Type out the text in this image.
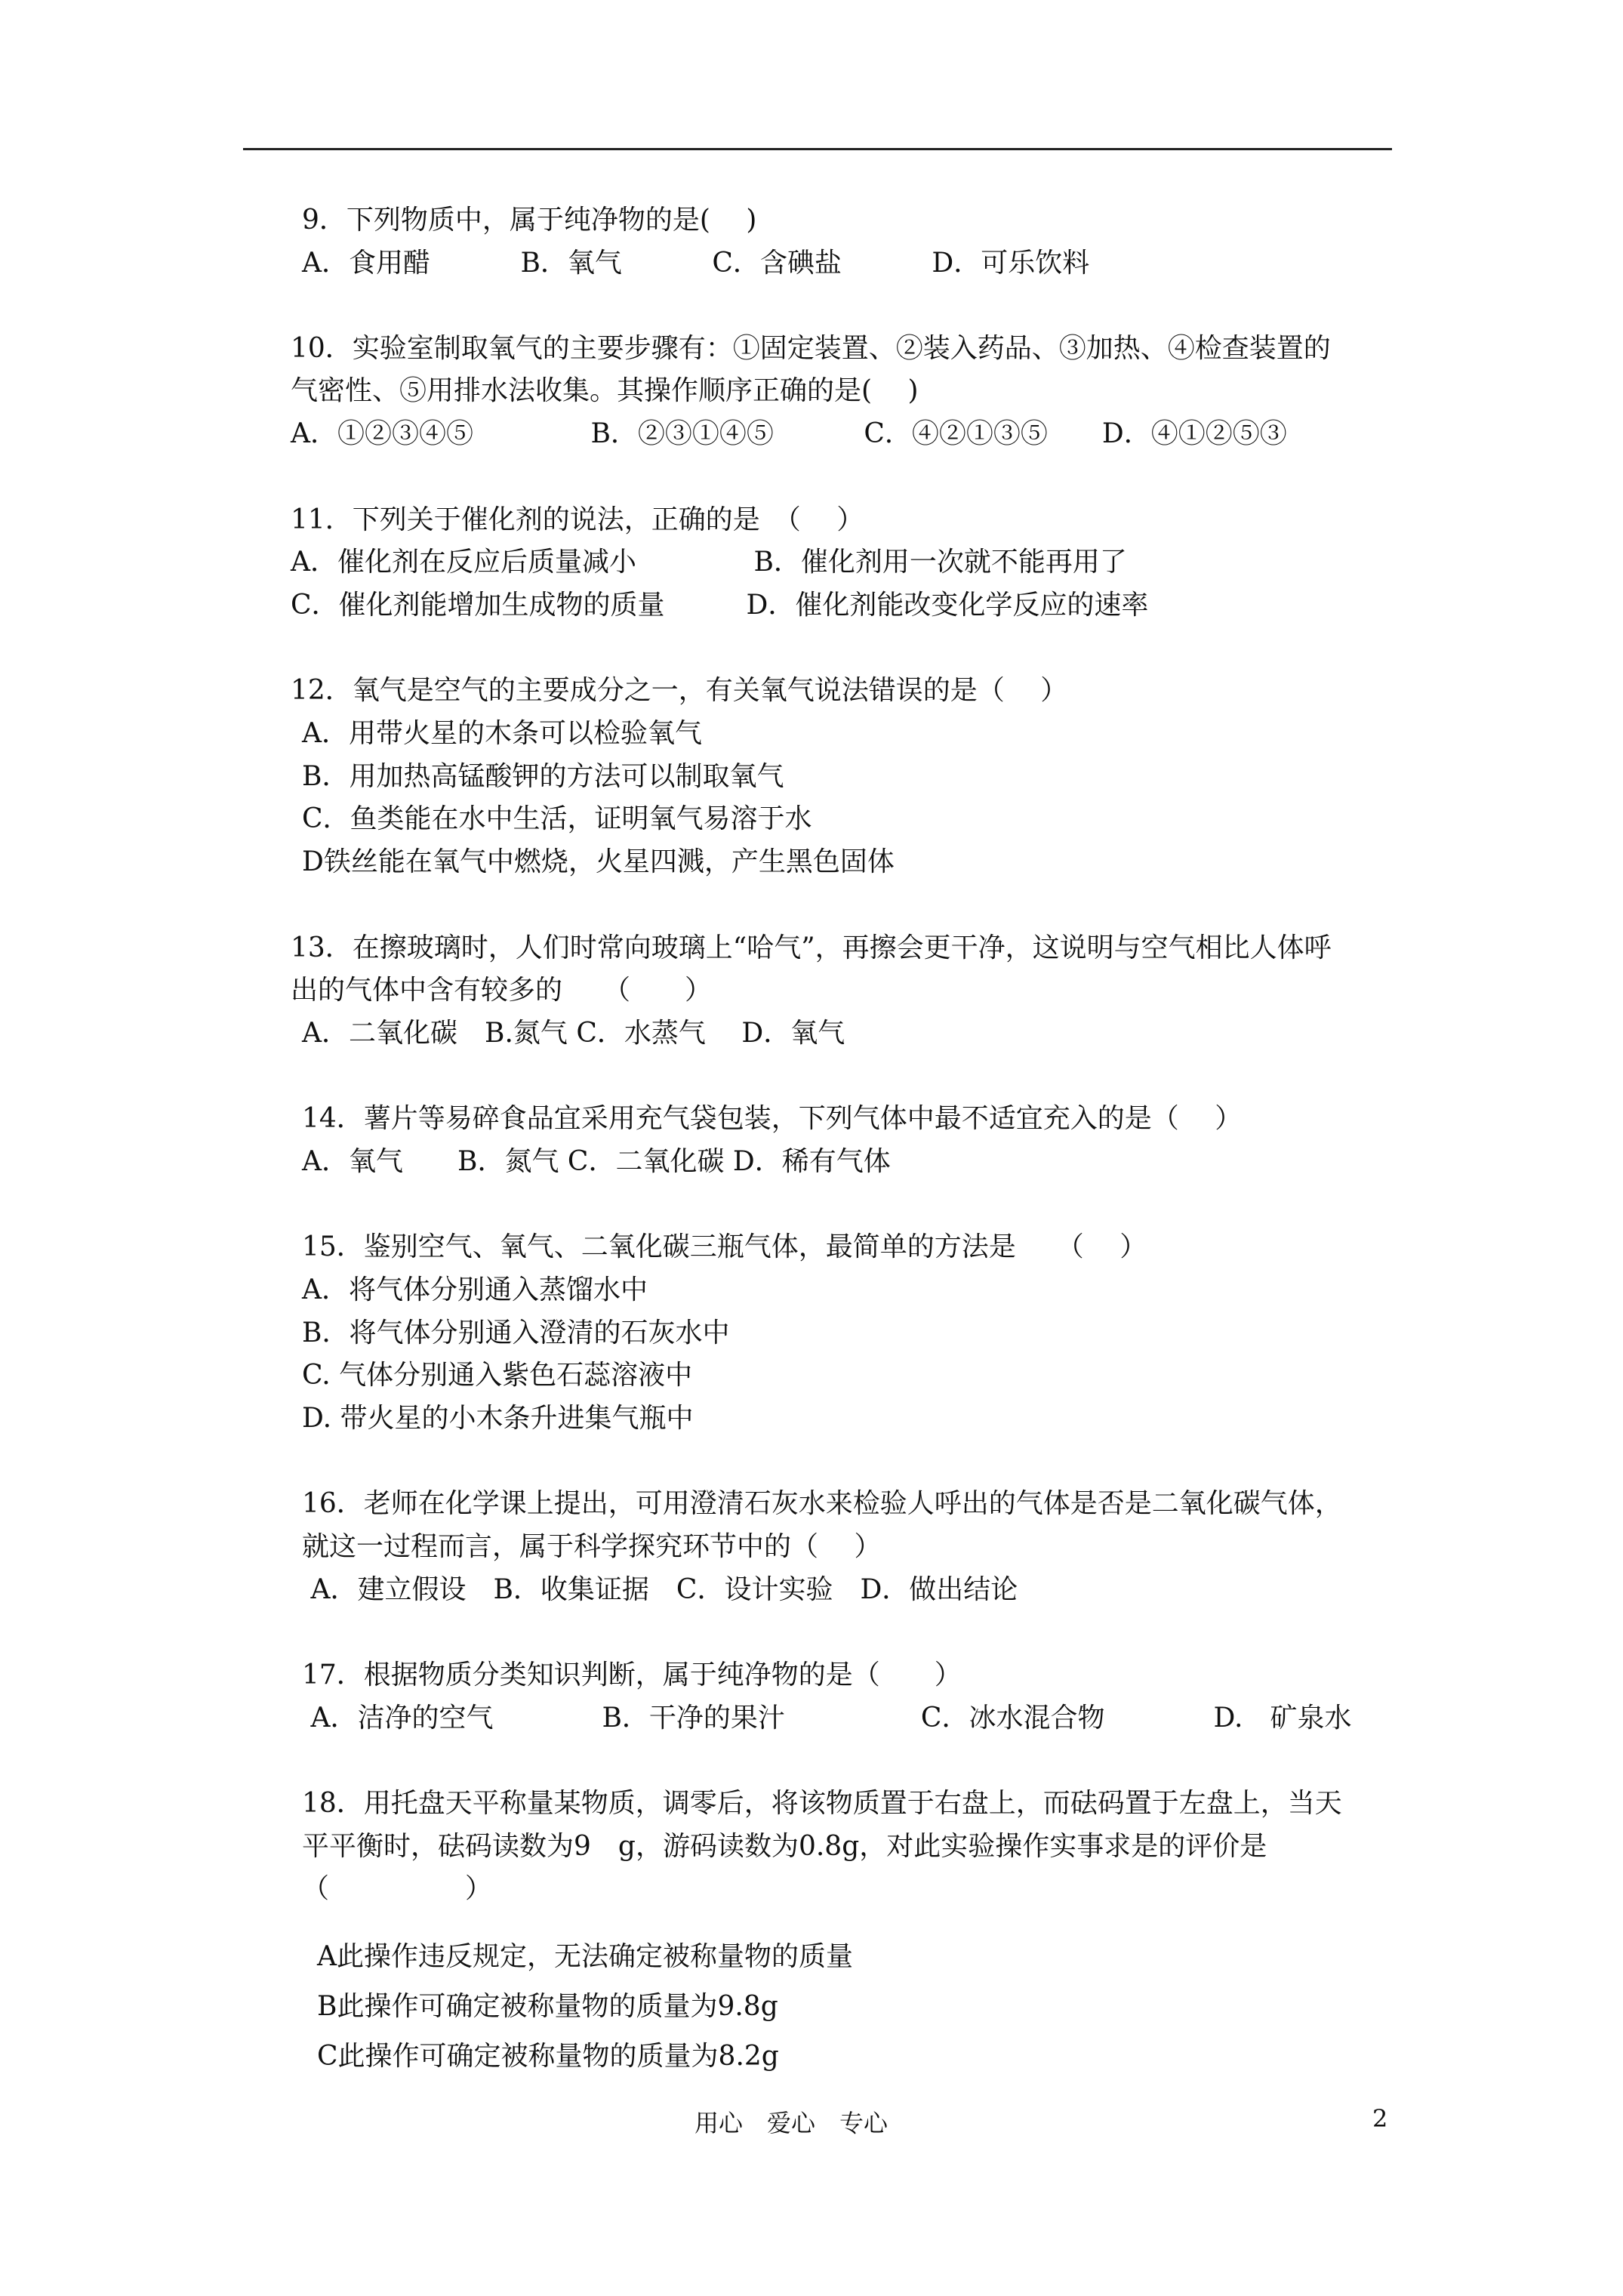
9．下列物质中，属于纯净物的是(　 )
A．食用醋　　　 B．氧气　　　 C．含碘盐　　　 D．可乐饮料
10．实验室制取氧气的主要步骤有：①固定装置、②装入药品、③加热、④检查装置的
气密性、⑤用排水法收集。其操作顺序正确的是(　 )
A．①②③④⑤　　　　 B．②③①④⑤　　　 C．④②①③⑤　　D．④①②⑤③
11．下列关于催化剂的说法，正确的是　（　 ）
A．催化剂在反应后质量减小　　　　 B．催化剂用一次就不能再用了
C．催化剂能增加生成物的质量　　　D．催化剂能改变化学反应的速率
12．氧气是空气的主要成分之一，有关氧气说法错误的是（　 ）
A．用带火星的木条可以检验氧气
B．用加热高锰酸钾的方法可以制取氧气
C．鱼类能在水中生活，证明氧气易溶于水
D铁丝能在氧气中燃烧，火星四溅，产生黑色固体
13．在擦玻璃时，人们时常向玻璃上“哈气”，再擦会更干净，这说明与空气相比人体呼
出的气体中含有较多的　　（　　）
A．二氧化碳　B.氮气 C．水蒸气　 D．氧气
14．薯片等易碎食品宜采用充气袋包装，下列气体中最不适宜充入的是（　 ）
A．氧气　　B．氮气 C．二氧化碳 D．稀有气体
15．鉴别空气、氧气、二氧化碳三瓶气体，最简单的方法是　　（　 ）
A．将气体分别通入蒸馏水中
B．将气体分别通入澄清的石灰水中
C. 气体分别通入紫色石蕊溶液中
D. 带火星的小木条升进集气瓶中
16．老师在化学课上提出，可用澄清石灰水来检验人呼出的气体是否是二氧化碳气体，
就这一过程而言，属于科学探究环节中的（　 ）
A．建立假设　B．收集证据　C．设计实验　D．做出结论
17．根据物质分类知识判断，属于纯净物的是（　　）
A．洁净的空气　　　　B．干净的果汁　　　　　C．冰水混合物　　　　D.　矿泉水
18．用托盘天平称量某物质，调零后，将该物质置于右盘上，而砝码置于左盘上，当天
平平衡时，砝码读数为9　g，游码读数为0.8g，对此实验操作实事求是的评价是
（　　　　　）
A此操作违反规定，无法确定被称量物的质量
B此操作可确定被称量物的质量为9.8g
C此操作可确定被称量物的质量为8.2g
用心　爱心　专心	2
